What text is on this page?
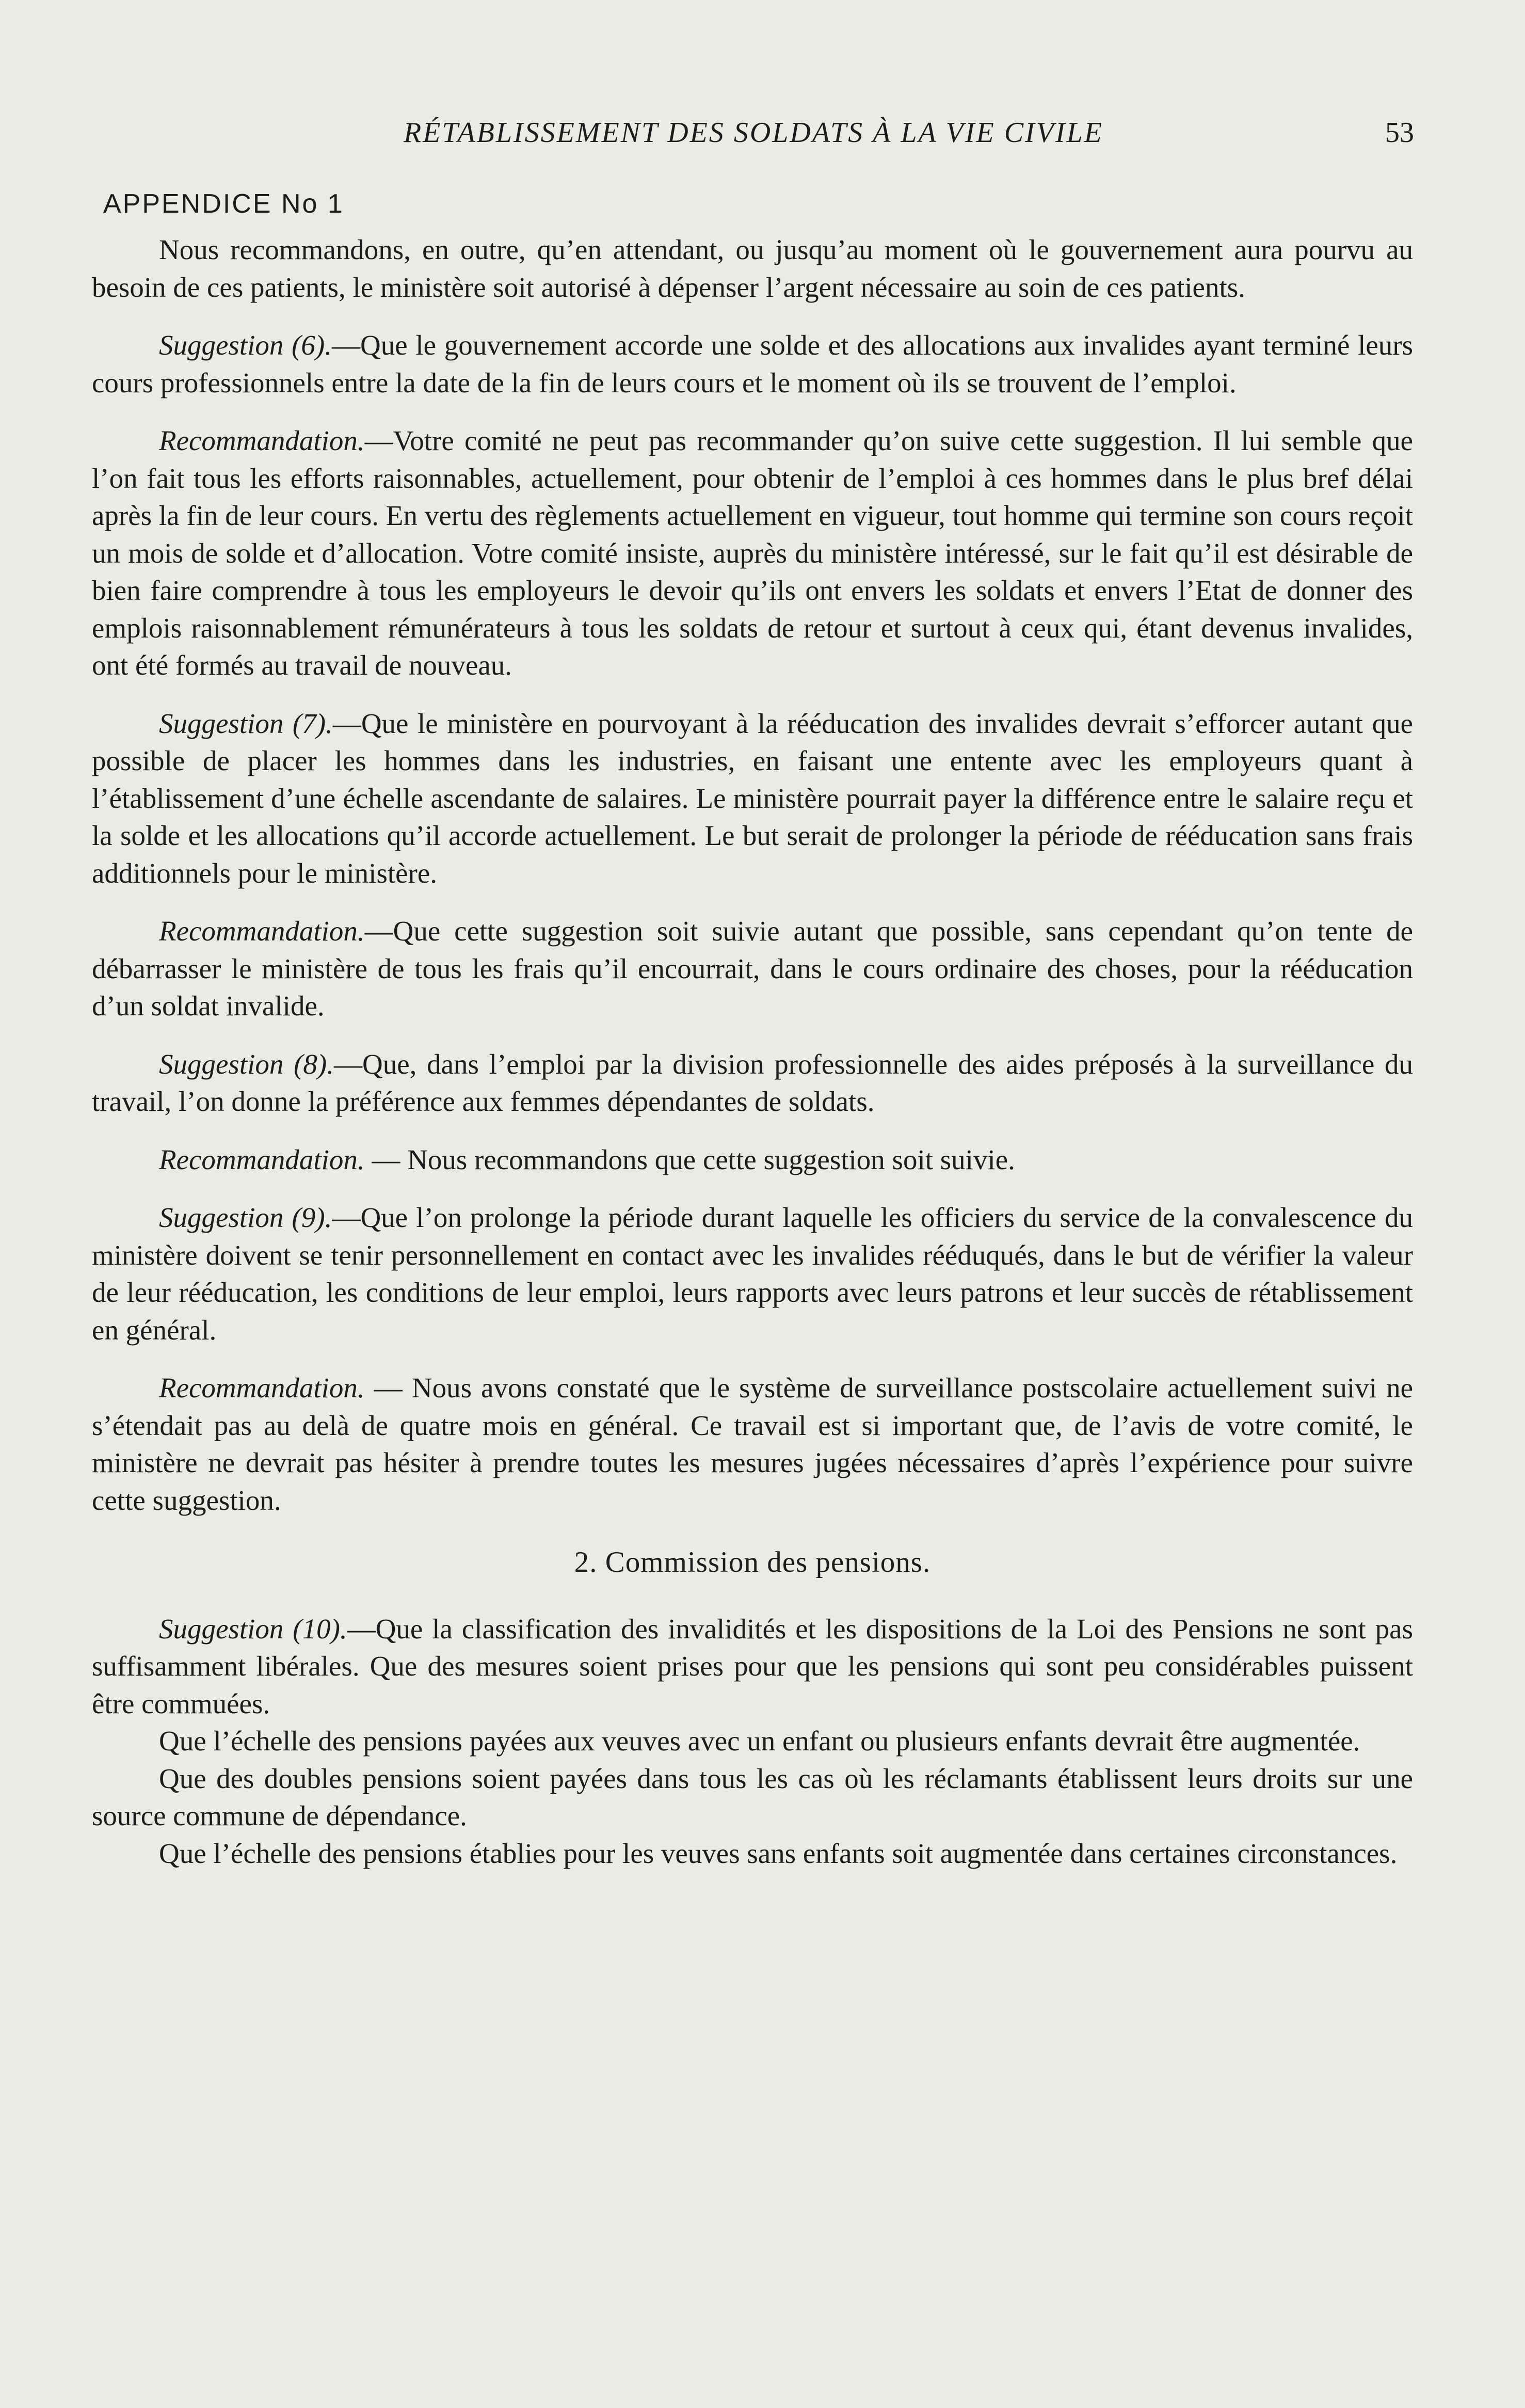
RÉTABLISSEMENT DES SOLDATS À LA VIE CIVILE	53
APPENDICE No 1

Nous recommandons, en outre, qu’en attendant, ou jusqu’au moment où le gouvernement aura pourvu au besoin de ces patients, le ministère soit autorisé à dépenser l’argent nécessaire au soin de ces patients.

Suggestion (6).—Que le gouvernement accorde une solde et des allocations aux invalides ayant terminé leurs cours professionnels entre la date de la fin de leurs cours et le moment où ils se trouvent de l’emploi.

Recommandation.—Votre comité ne peut pas recommander qu’on suive cette suggestion. Il lui semble que l’on fait tous les efforts raisonnables, actuellement, pour obtenir de l’emploi à ces hommes dans le plus bref délai après la fin de leur cours. En vertu des règlements actuellement en vigueur, tout homme qui termine son cours reçoit un mois de solde et d’allocation. Votre comité insiste, auprès du ministère intéressé, sur le fait qu’il est désirable de bien faire comprendre à tous les employeurs le devoir qu’ils ont envers les soldats et envers l’Etat de donner des emplois raisonnablement rémunérateurs à tous les soldats de retour et surtout à ceux qui, étant devenus invalides, ont été formés au travail de nouveau.

Suggestion (7).—Que le ministère en pourvoyant à la rééducation des invalides devrait s’efforcer autant que possible de placer les hommes dans les industries, en faisant une entente avec les employeurs quant à l’établissement d’une échelle ascendante de salaires. Le ministère pourrait payer la différence entre le salaire reçu et la solde et les allocations qu’il accorde actuellement. Le but serait de prolonger la période de rééducation sans frais additionnels pour le ministère.

Recommandation.—Que cette suggestion soit suivie autant que possible, sans cependant qu’on tente de débarrasser le ministère de tous les frais qu’il encourrait, dans le cours ordinaire des choses, pour la rééducation d’un soldat invalide.

Suggestion (8).—Que, dans l’emploi par la division professionnelle des aides préposés à la surveillance du travail, l’on donne la préférence aux femmes dépendantes de soldats.

Recommandation. — Nous recommandons que cette suggestion soit suivie.

Suggestion (9).—Que l’on prolonge la période durant laquelle les officiers du service de la convalescence du ministère doivent se tenir personnellement en contact avec les invalides rééduqués, dans le but de vérifier la valeur de leur rééducation, les conditions de leur emploi, leurs rapports avec leurs patrons et leur succès de rétablissement en général.

Recommandation. — Nous avons constaté que le système de surveillance postscolaire actuellement suivi ne s’étendait pas au delà de quatre mois en général. Ce travail est si important que, de l’avis de votre comité, le ministère ne devrait pas hésiter à prendre toutes les mesures jugées nécessaires d’après l’expérience pour suivre cette suggestion.

2. Commission des pensions.

Suggestion (10).—Que la classification des invalidités et les dispositions de la Loi des Pensions ne sont pas suffisamment libérales. Que des mesures soient prises pour que les pensions qui sont peu considérables puissent être commuées.

Que l’échelle des pensions payées aux veuves avec un enfant ou plusieurs enfants devrait être augmentée.

Que des doubles pensions soient payées dans tous les cas où les réclamants établissent leurs droits sur une source commune de dépendance.

Que l’échelle des pensions établies pour les veuves sans enfants soit augmentée dans certaines circonstances.
